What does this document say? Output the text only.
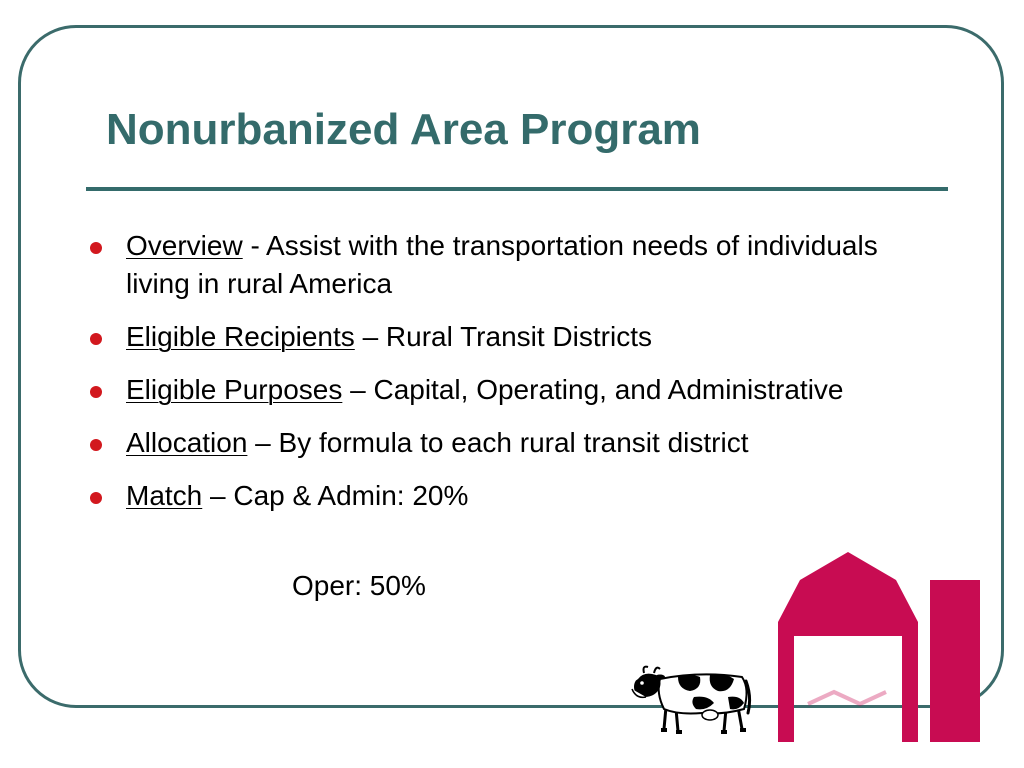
Nonurbanized Area Program
Overview - Assist with the transportation needs of individuals living in rural America
Eligible Recipients – Rural Transit Districts
Eligible Purposes – Capital, Operating, and Administrative
Allocation – By formula to each rural transit district
Match – Cap & Admin: 20%
Oper: 50%
